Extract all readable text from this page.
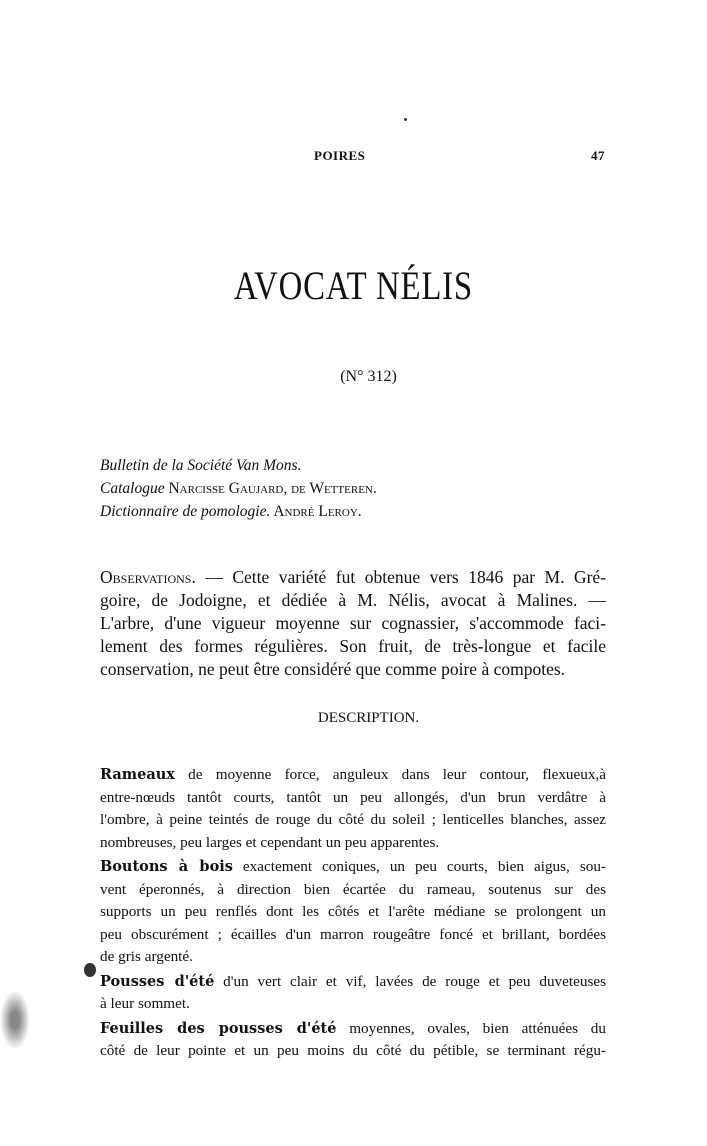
POIRES	47
AVOCAT NÉLIS
(N° 312)
Bulletin de la Société Van Mons.
Catalogue Narcisse Gaujard, de Wetteren.
Dictionnaire de pomologie. André Leroy.
Observations. — Cette variété fut obtenue vers 1846 par M. Gré-
goire, de Jodoigne, et dédiée à M. Nélis, avocat à Malines. —
L'arbre, d'une vigueur moyenne sur cognassier, s'accommode faci-
lement des formes régulières. Son fruit, de très-longue et facile
conservation, ne peut être considéré que comme poire à compotes.
DESCRIPTION.
Rameaux de moyenne force, anguleux dans leur contour, flexueux,à
entre-nœuds tantôt courts, tantôt un peu allongés, d'un brun verdâtre à
l'ombre, à peine teintés de rouge du côté du soleil ; lenticelles blanches, assez
nombreuses, peu larges et cependant un peu apparentes.
Boutons à bois exactement coniques, un peu courts, bien aigus, sou-
vent éperonnés, à direction bien écartée du rameau, soutenus sur des
supports un peu renflés dont les côtés et l'arête médiane se prolongent un
peu obscurément ; écailles d'un marron rougeâtre foncé et brillant, bordées
de gris argenté.
Pousses d'été d'un vert clair et vif, lavées de rouge et peu duveteuses
à leur sommet.
Feuilles des pousses d'été moyennes, ovales, bien atténuées du
côté de leur pointe et un peu moins du côté du pétible, se terminant régu-
